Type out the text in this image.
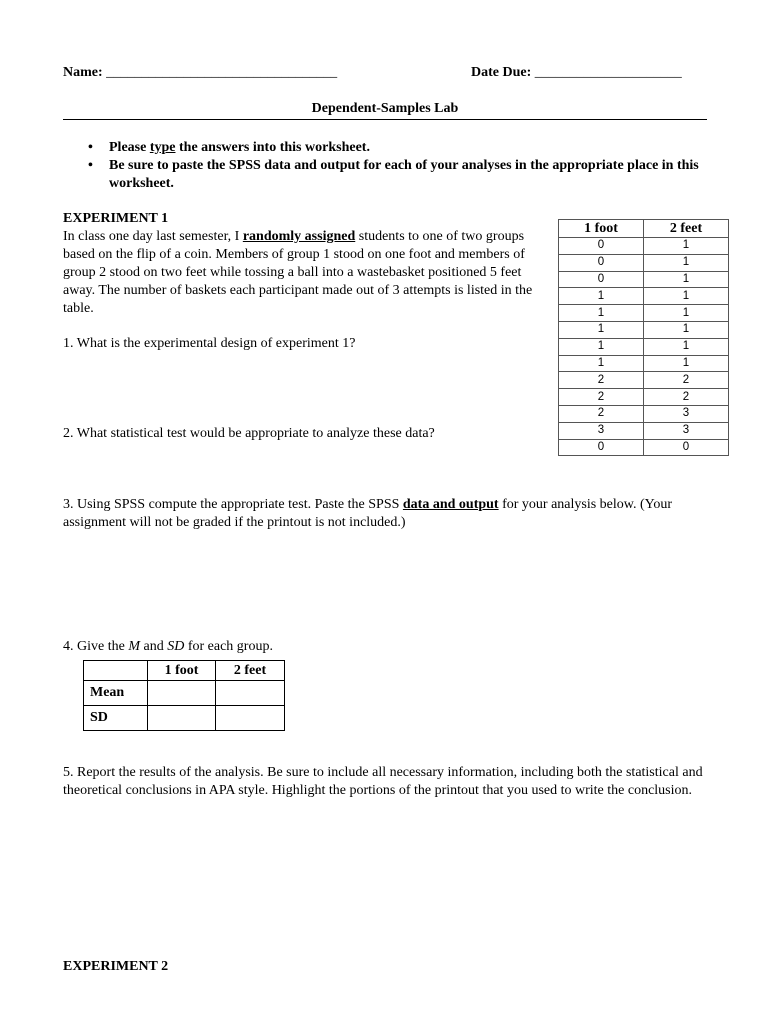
Name: _________________________________	Date Due: _____________________
Dependent-Samples Lab
• Please type the answers into this worksheet.
• Be sure to paste the SPSS data and output for each of your analyses in the appropriate place in this worksheet.
EXPERIMENT 1

In class one day last semester, I randomly assigned students to one of two groups based on the flip of a coin. Members of group 1 stood on one foot and members of group 2 stood on two feet while tossing a ball into a wastebasket positioned 5 feet away. The number of baskets each participant made out of 3 attempts is listed in the table.

1. What is the experimental design of experiment 1?
2. What statistical test would be appropriate to analyze these data?
1 foot	2 feet
0	1
0	1
0	1
1	1
1	1
1	1
1	1
1	1
2	2
2	2
2	3
3	3
0	0
3. Using SPSS compute the appropriate test. Paste the SPSS data and output for your analysis below. (Your assignment will not be graded if the printout is not included.)
4. Give the M and SD for each group.
	1 foot	2 feet
Mean		
SD		
5. Report the results of the analysis. Be sure to include all necessary information, including both the statistical and theoretical conclusions in APA style. Highlight the portions of the printout that you used to write the conclusion.
EXPERIMENT 2
